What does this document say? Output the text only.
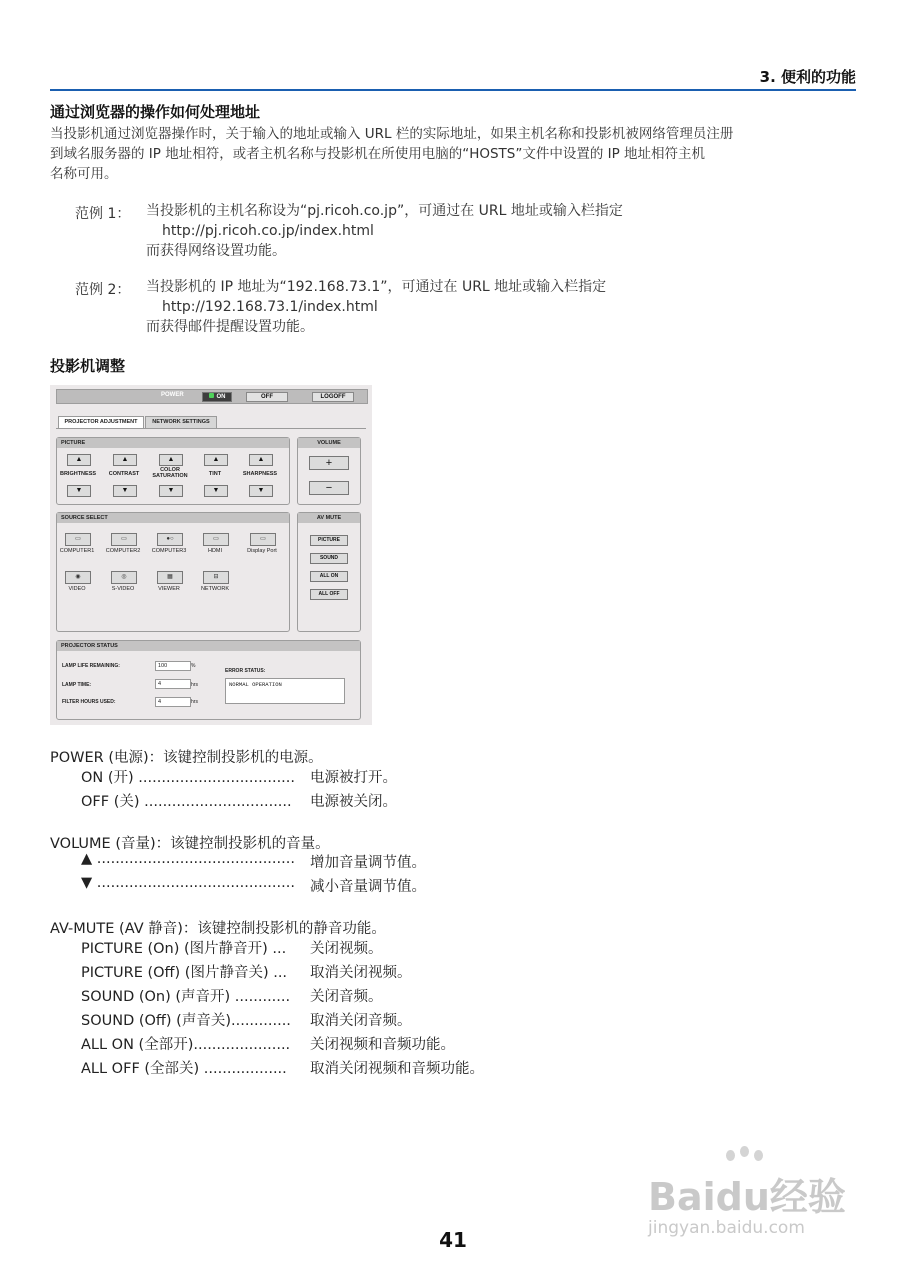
3. 便利的功能
通过浏览器的操作如何处理地址
当投影机通过浏览器操作时，关于输入的地址或输入 URL 栏的实际地址，如果主机名称和投影机被网络管理员注册
到域名服务器的 IP 地址相符，或者主机名称与投影机在所使用电脑的“HOSTS”文件中设置的 IP 地址相符主机
名称可用。
范例 1： 当投影机的主机名称设为“pj.ricoh.co.jp”，可通过在 URL 地址或输入栏指定
http://pj.ricoh.co.jp/index.html
而获得网络设置功能。
范例 2： 当投影机的 IP 地址为“192.168.73.1”，可通过在 URL 地址或输入栏指定
http://192.168.73.1/index.html
而获得邮件提醒设置功能。
投影机调整
POWER	ON	OFF	LOGOFF
PROJECTOR ADJUSTMENT	NETWORK SETTINGS
PICTURE
▲	▲	▲	▲	▲
BRIGHTNESS	CONTRAST
COLOR SATURATION	TINT	SHARPNESS
▼	▼	▼	▼	▼
VOLUME
+
−
SOURCE SELECT
▭	▭	●○	▭	▭
COMPUTER1	COMPUTER2	COMPUTER3	HDMI	Display Port
◉	◎	▦	⊟
VIDEO	S-VIDEO	VIEWER	NETWORK
AV MUTE
PICTURE
SOUND
ALL ON
ALL OFF
PROJECTOR STATUS
LAMP LIFE REMAINING:	100	%
LAMP TIME:	4	hrs
FILTER HOURS USED:	4	hrs
ERROR STATUS:
NORMAL OPERATION
POWER (电源)：该键控制投影机的电源。
ON (开) .................................. 电源被打开。
OFF (关) ................................ 电源被关闭。
VOLUME (音量)：该键控制投影机的音量。
▲ ...........................................	增加音量调节值。
▼ ...........................................	减小音量调节值。
AV-MUTE (AV 静音)：该键控制投影机的静音功能。
PICTURE (On) (图片静音开) ...	关闭视频。
PICTURE (Off) (图片静音关) ...	取消关闭视频。
SOUND (On) (声音开) ............	关闭音频。
SOUND (Off) (声音关).............	取消关闭音频。
ALL ON (全部开).....................	关闭视频和音频功能。
ALL OFF (全部关) ..................	取消关闭视频和音频功能。
Baidu经验
jingyan.baidu.com
41
